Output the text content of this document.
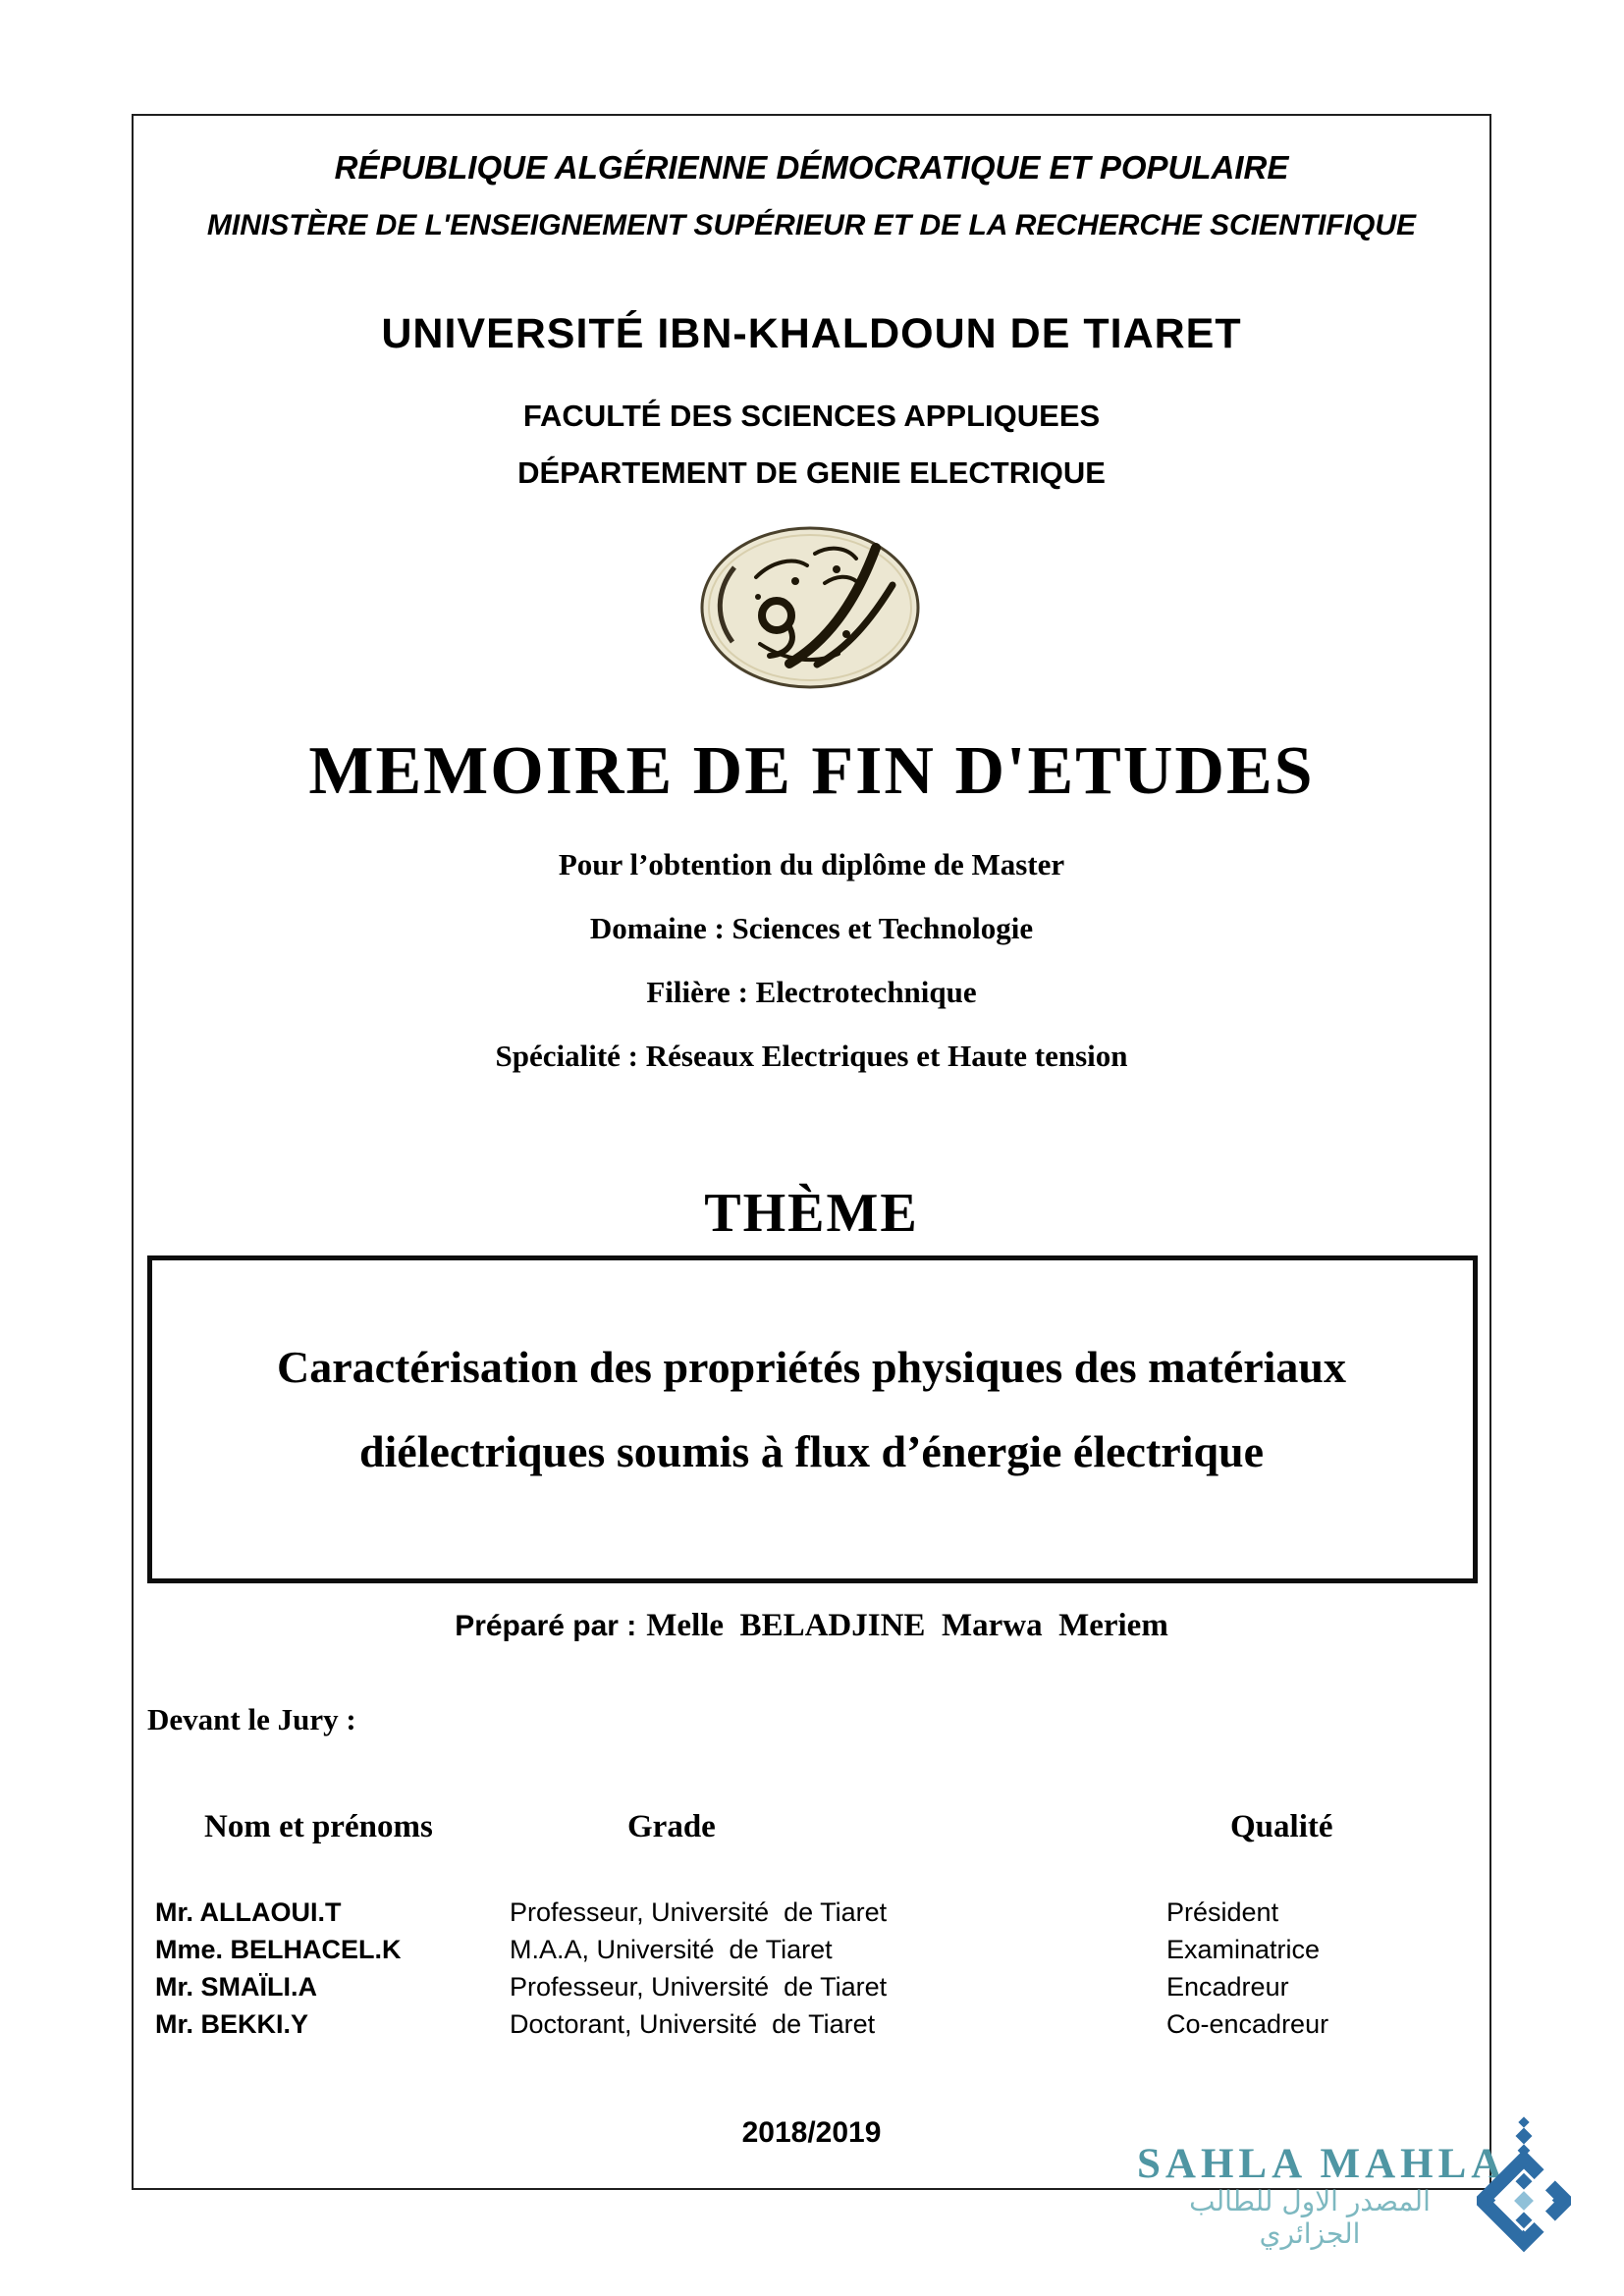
RÉPUBLIQUE ALGÉRIENNE DÉMOCRATIQUE ET POPULAIRE
MINISTÈRE DE L'ENSEIGNEMENT SUPÉRIEUR ET DE LA RECHERCHE SCIENTIFIQUE
UNIVERSITÉ IBN-KHALDOUN DE TIARET
FACULTÉ DES SCIENCES APPLIQUEES
DÉPARTEMENT DE GENIE ELECTRIQUE
MEMOIRE DE FIN D'ETUDES
Pour l’obtention du diplôme de Master
Domaine : Sciences et Technologie
Filière : Electrotechnique
Spécialité : Réseaux Electriques et Haute tension
THÈME
Caractérisation des propriétés physiques des matériaux
diélectriques soumis à flux d’énergie électrique
Préparé par : Melle  BELADJINE  Marwa  Meriem
Devant le Jury :
Nom et prénoms	Grade	Qualité
Mr. ALLAOUI.T	Professeur, Université  de Tiaret	Président
Mme. BELHACEL.K	M.A.A, Université  de Tiaret	Examinatrice
Mr. SMAÏLI.A	Professeur, Université  de Tiaret	Encadreur
Mr. BEKKI.Y	Doctorant, Université  de Tiaret	Co-encadreur
2018/2019
SAHLA MAHLA
المصدر الاول للطالب الجزائري
